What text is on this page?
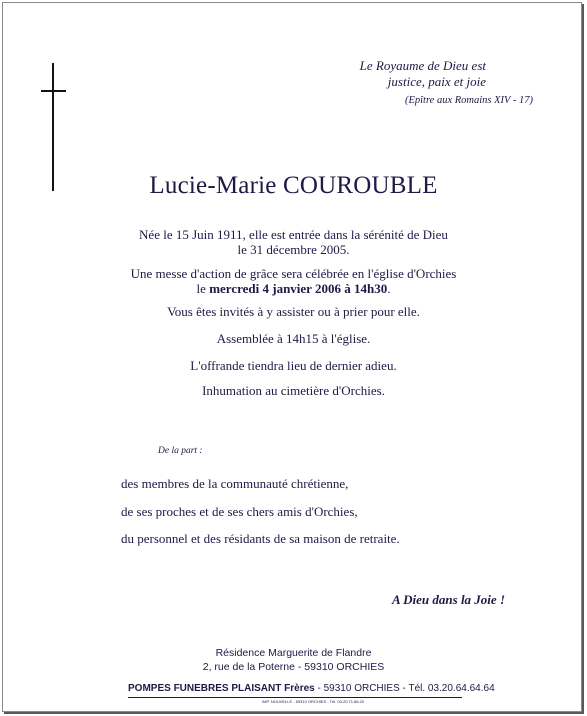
Le Royaume de Dieu est
justice, paix et joie
(Epître aux Romains XIV - 17)
Lucie-Marie COUROUBLE
Née le 15 Juin 1911, elle est entrée dans la sérénité de Dieu
le 31 décembre 2005.
Une messe d'action de grâce sera célébrée en l'église d'Orchies
le mercredi 4 janvier 2006 à 14h30.
Vous êtes invités à y assister ou à prier pour elle.
Assemblée à 14h15 à l'église.
L'offrande tiendra lieu de dernier adieu.
Inhumation au cimetière d'Orchies.
De la part :
des membres de la communauté chrétienne,
de ses proches et de ses chers amis d'Orchies,
du personnel et des résidants de sa maison de retraite.
A Dieu dans la Joie !
Résidence Marguerite de Flandre
2, rue de la Poterne - 59310 ORCHIES
POMPES FUNEBRES PLAISANT Frères - 59310 ORCHIES - Tél. 03.20.64.64.64
IMP. NOUVELLE - 59310 ORCHIES - Tél. 03.20.71.86.20
